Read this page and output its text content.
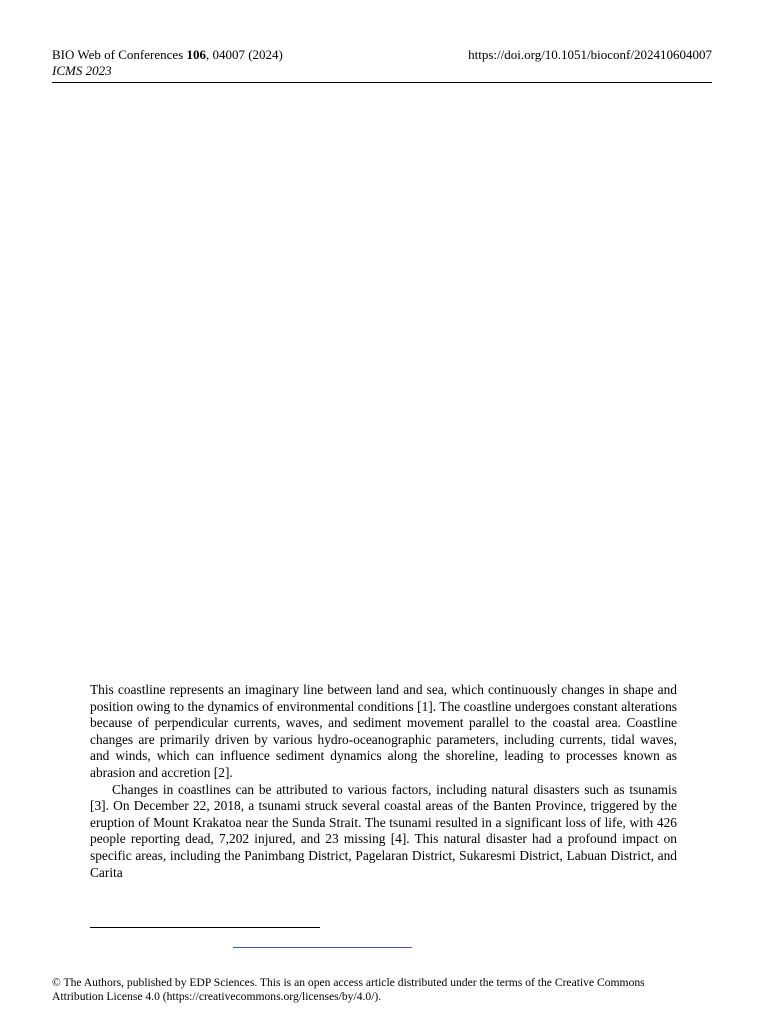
BIO Web of Conferences 106, 04007 (2024)
ICMS 2023
https://doi.org/10.1051/bioconf/202410604007

This coastline represents an imaginary line between land and sea, which continuously changes in shape and position owing to the dynamics of environmental conditions [1]. The coastline undergoes constant alterations because of perpendicular currents, waves, and sediment movement parallel to the coastal area. Coastline changes are primarily driven by various hydro-oceanographic parameters, including currents, tidal waves, and winds, which can influence sediment dynamics along the shoreline, leading to processes known as abrasion and accretion [2].

Changes in coastlines can be attributed to various factors, including natural disasters such as tsunamis [3]. On December 22, 2018, a tsunami struck several coastal areas of the Banten Province, triggered by the eruption of Mount Krakatoa near the Sunda Strait. The tsunami resulted in a significant loss of life, with 426 people reporting dead, 7,202 injured, and 23 missing [4]. This natural disaster had a profound impact on specific areas, including the Panimbang District, Pagelaran District, Sukaresmi District, Labuan District, and Carita

© The Authors, published by EDP Sciences. This is an open access article distributed under the terms of the Creative Commons
Attribution License 4.0 (https://creativecommons.org/licenses/by/4.0/).
